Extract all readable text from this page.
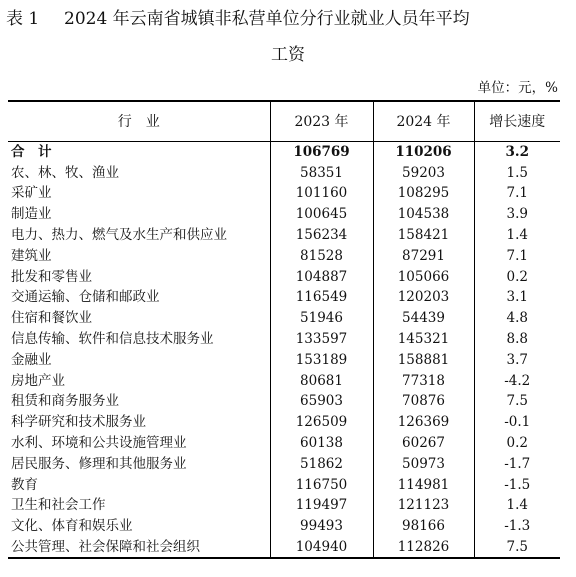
表 1 2024 年云南省城镇非私营单位分行业就业人员年平均
工资
单位：元，%
行　业	2023 年	2024 年	增长速度
合　计	106769	110206	3.2
农、林、牧、渔业	58351	59203	1.5
采矿业	101160	108295	7.1
制造业	100645	104538	3.9
电力、热力、燃气及水生产和供应业	156234	158421	1.4
建筑业	81528	87291	7.1
批发和零售业	104887	105066	0.2
交通运输、仓储和邮政业	116549	120203	3.1
住宿和餐饮业	51946	54439	4.8
信息传输、软件和信息技术服务业	133597	145321	8.8
金融业	153189	158881	3.7
房地产业	80681	77318	-4.2
租赁和商务服务业	65903	70876	7.5
科学研究和技术服务业	126509	126369	-0.1
水利、环境和公共设施管理业	60138	60267	0.2
居民服务、修理和其他服务业	51862	50973	-1.7
教育	116750	114981	-1.5
卫生和社会工作	119497	121123	1.4
文化、体育和娱乐业	99493	98166	-1.3
公共管理、社会保障和社会组织	104940	112826	7.5
